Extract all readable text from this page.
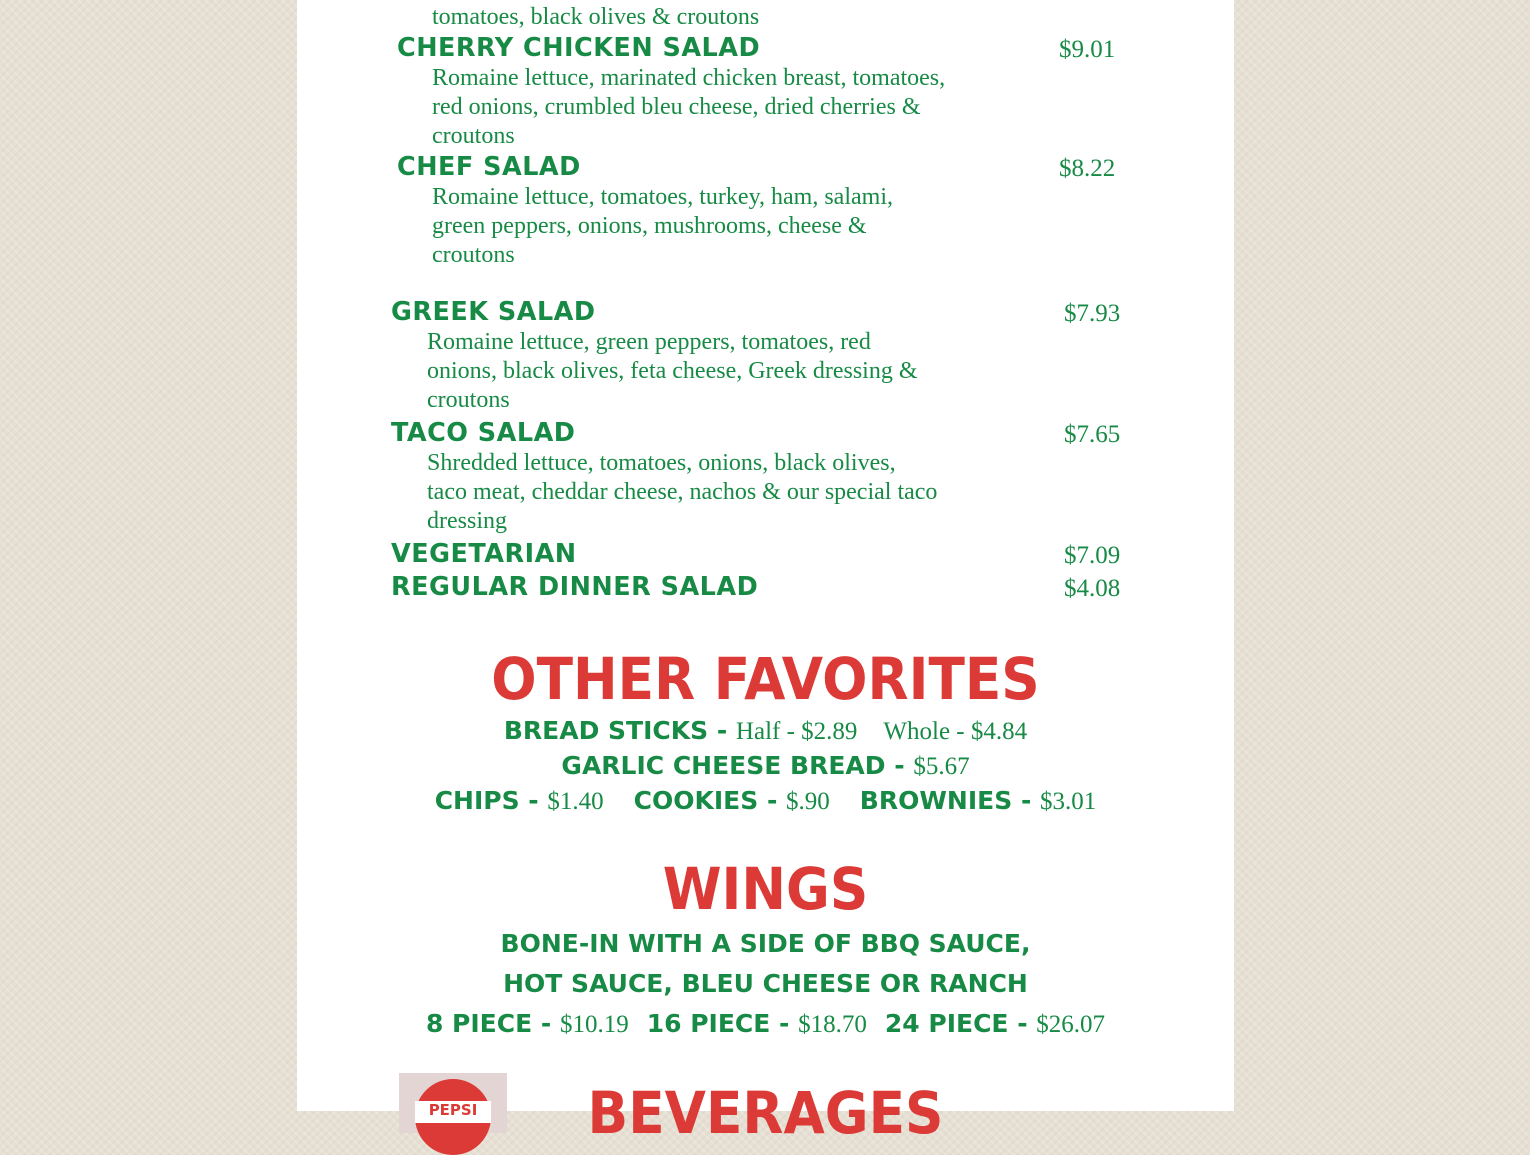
tomatoes, black olives & croutons

CHERRY CHICKEN SALAD	$9.01

Romaine lettuce, marinated chicken breast, tomatoes,
red onions, crumbled bleu cheese, dried cherries &
croutons

CHEF SALAD	$8.22

Romaine lettuce, tomatoes, turkey, ham, salami,
green peppers, onions, mushrooms, cheese &
croutons

GREEK SALAD	$7.93

Romaine lettuce, green peppers, tomatoes, red
onions, black olives, feta cheese, Greek dressing &
croutons

TACO SALAD	$7.65

Shredded lettuce, tomatoes, onions, black olives,
taco meat, cheddar cheese, nachos & our special taco
dressing

VEGETARIAN	$7.09
REGULAR DINNER SALAD	$4.08
OTHER FAVORITES
BREAD STICKS - Half - $2.89 Whole - $4.84
GARLIC CHEESE BREAD - $5.67
CHIPS - $1.40 COOKIES - $.90 BROWNIES - $3.01
WINGS
BONE-IN WITH A SIDE OF BBQ SAUCE,
HOT SAUCE, BLEU CHEESE OR RANCH
8 PIECE - $10.19 16 PIECE - $18.70 24 PIECE - $26.07
PEPSI	BEVERAGES
